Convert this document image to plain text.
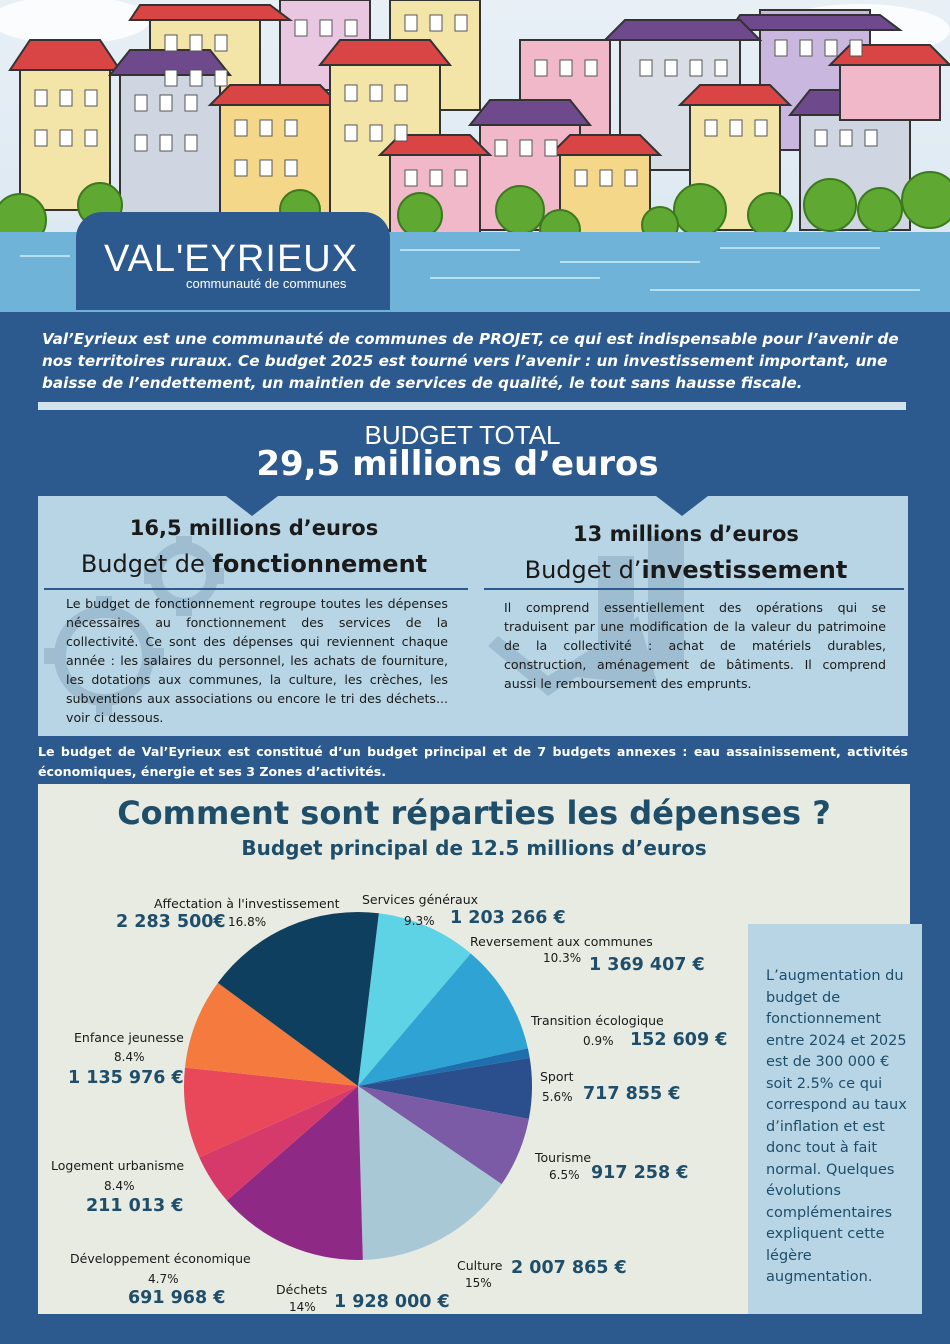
VAL'EYRIEUX
communauté de communes
Val’Eyrieux est une communauté de communes de PROJET, ce qui est indispensable pour l’avenir de nos territoires ruraux. Ce budget 2025 est tourné vers l’avenir : un investissement important, une baisse de l’endettement, un maintien de services de qualité, le tout sans hausse fiscale.
BUDGET TOTAL
29,5 millions d’euros
16,5 millions d’euros
Budget de fonctionnement
Le budget de fonctionnement regroupe toutes les dépenses nécessaires au fonctionnement des services de la collectivité. Ce sont des dépenses qui reviennent chaque année : les salaires du personnel, les achats de fourniture, les dotations aux communes, la culture, les crèches, les subventions aux associations ou encore le tri des déchets... voir ci dessous.
13 millions d’euros
Budget d’investissement
Il comprend essentiellement des opérations qui se traduisent par une modification de la valeur du patrimoine de la collectivité : achat de matériels durables, construction, aménagement de bâtiments. Il comprend aussi le remboursement des emprunts.
Le budget de Val’Eyrieux est constitué d’un budget principal et de 7 budgets annexes : eau assainissement, activités économiques, énergie et ses 3 Zones d’activités.
Comment sont réparties les dépenses ?
Budget principal de 12.5 millions d’euros
Affectation à l'investissement
2 283 500€ 16.8%
Services généraux
9.3% 1 203 266 €
Reversement aux communes
10.3% 1 369 407 €
Transition écologique
0.9% 152 609 €
Sport
5.6% 717 855 €
Tourisme
6.5% 917 258 €
Culture
15%
2 007 865 €
Déchets
14% 1 928 000 €
Développement économique
4.7%
691 968 €
Logement urbanisme
8.4%
211 013 €
Enfance jeunesse
8.4%
1 135 976 €
L’augmentation du budget de fonctionnement entre 2024 et 2025 est de 300 000 € soit 2.5% ce qui correspond au taux d’inflation et est donc tout à fait normal. Quelques évolutions complémentaires expliquent cette légère augmentation.
